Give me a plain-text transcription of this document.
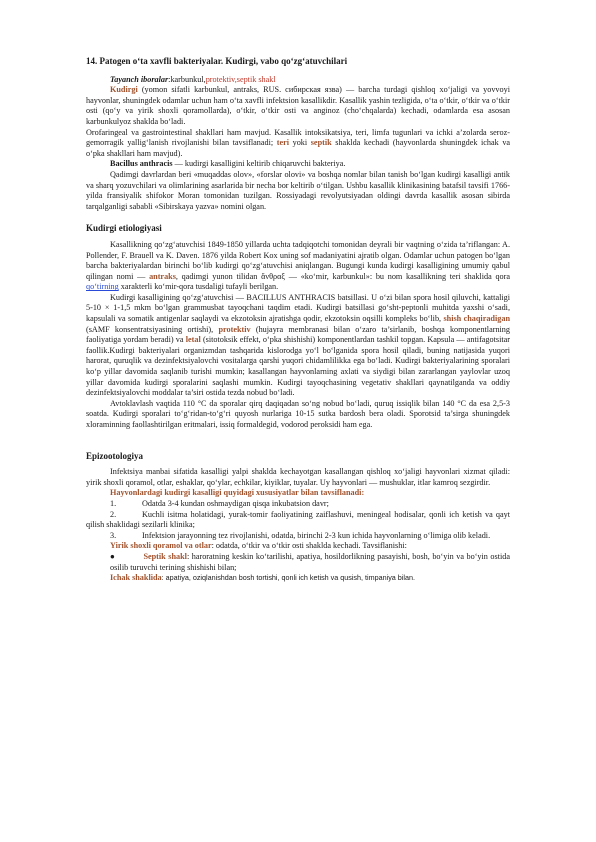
14. Patogen o‘ta xavfli bakteriyalar. Kudirgi, vabo qo‘zg‘atuvchilari

Tayanch iboralar:karbunkul,protektiv,septik shakl

Kudirgi (yomon sifatli karbunkul, antraks, RUS. сибирская язва) — barcha turdagi qishloq xo‘jaligi va yovvoyi hayvonlar, shuningdek odamlar uchun ham o‘ta xavfli infektsion kasallikdir. Kasallik yashin tezligida, o‘ta o‘tkir, o‘tkir va o‘tkir osti (qo‘y va yirik shoxli qoramollarda), o‘tkir, o‘tkir osti va anginoz (cho‘chqalarda) kechadi, odamlarda esa asosan karbunkulyoz shaklda bo‘ladi.

Orofaringeal va gastrointestinal shakllari ham mavjud. Kasallik intoksikatsiya, teri, limfa tugunlari va ichki a’zolarda seroz-gemorragik yallig‘lanish rivojlanishi bilan tavsiflanadi; teri yoki septik shaklda kechadi (hayvonlarda shuningdek ichak va o‘pka shakllari ham mavjud).

Bacillus anthracis — kudirgi kasalligini keltirib chiqaruvchi bakteriya.

Qadimgi davrlardan beri «muqaddas olov», «forslar olovi» va boshqa nomlar bilan tanish bo‘lgan kudirgi kasalligi antik va sharq yozuvchilari va olimlarining asarlarida bir necha bor keltirib o‘tilgan. Ushbu kasallik klinikasining batafsil tavsifi 1766-yilda fransiyalik shifokor Moran tomonidan tuzilgan. Rossiyadagi revolyutsiyadan oldingi davrda kasallik asosan sibirda tarqalganligi sababli «Sibirskaya yazva» nomini olgan.

Kudirgi etiologiyasi

Kasallikning qo‘zg‘atuvchisi 1849-1850 yillarda uchta tadqiqotchi tomonidan deyrali bir vaqtning o‘zida ta’riflangan: A. Pollender, F. Brauell va K. Daven. 1876 yilda Robert Kox uning sof madaniyatini ajratib olgan. Odamlar uchun patogen bo‘lgan barcha bakteriyalardan birinchi bo‘lib kudirgi qo‘zg‘atuvchisi aniqlangan. Bugungi kunda kudirgi kasalligining umumiy qabul qilingan nomi — antraks, qadimgi yunon tilidan ἄνθραξ — «ko‘mir, karbunkul»: bu nom kasallikning teri shaklida qora qo‘tirning xarakterli ko‘mir-qora tusdaligi tufayli berilgan.

Kudirgi kasalligining qo‘zg‘atuvchisi — BACILLUS ANTHRACIS batsillasi. U o‘zi bilan spora hosil qiluvchi, kattaligi 5-10 × 1-1,5 mkm bo‘lgan grammusbat tayoqchani taqdim etadi. Kudirgi batsillasi go‘sht-peptonli muhitda yaxshi o‘sadi, kapsulali va somatik antigenlar saqlaydi va ekzotoksin ajratishga qodir, ekzotoksin oqsilli kompleks bo‘lib, shish chaqiradigan (sAMF konsentratsiyasining ortishi), protektiv (hujayra membranasi bilan o‘zaro ta’sirlanib, boshqa komponentlarning faoliyatiga yordam beradi) va letal (sitotoksik effekt, o‘pka shishishi) komponentlardan tashkil topgan. Kapsula — antifagotsitar faollik.Kudirgi bakteriyalari organizmdan tashqarida kislorodga yo‘l bo‘lganida spora hosil qiladi, buning natijasida yuqori harorat, quruqlik va dezinfektsiyalovchi vositalarga qarshi yuqori chidamlilikka ega bo‘ladi. Kudirgi bakteriyalarining sporalari ko‘p yillar davomida saqlanib turishi mumkin; kasallangan hayvonlarning axlati va siydigi bilan zararlangan yaylovlar uzoq yillar davomida kudirgi sporalarini saqlashi mumkin. Kudirgi tayoqchasining vegetativ shakllari qaynatilganda va oddiy dezinfektsiyalovchi moddalar ta’siri ostida tezda nobud bo‘ladi.

Avtoklavlash vaqtida 110 °C da sporalar qirq daqiqadan so‘ng nobud bo‘ladi, quruq issiqlik bilan 140 °C da esa 2,5-3 soatda. Kudirgi sporalari to‘g‘ridan-to‘g‘ri quyosh nurlariga 10-15 sutka bardosh bera oladi. Sporotsid ta’sirga shuningdek xloraminning faollashtirilgan eritmalari, issiq formaldegid, vodorod peroksidi ham ega.

Epizootologiya

Infektsiya manbai sifatida kasalligi yalpi shaklda kechayotgan kasallangan qishloq xo‘jaligi hayvonlari xizmat qiladi: yirik shoxli qoramol, otlar, eshaklar, qo‘ylar, echkilar, kiyiklar, tuyalar. Uy hayvonlari — mushuklar, itlar kamroq sezgirdir.

Hayvonlardagi kudirgi kasalligi quyidagi xususiyatlar bilan tavsiflanadi:

1.	Odatda 3-4 kundan oshmaydigan qisqa inkubatsion davr;

2.	Kuchli isitma holatidagi, yurak-tomir faoliyatining zaiflashuvi, meningeal hodisalar, qonli ich ketish va qayt qilish shaklidagi sezilarli klinika;

3.	Infektsion jarayonning tez rivojlanishi, odatda, birinchi 2-3 kun ichida hayvonlarning o‘limiga olib keladi.

Yirik shoxli qoramol va otlar: odatda, o‘tkir va o‘tkir osti shaklda kechadi. Tavsiflanishi:

●	Septik shakl: haroratning keskin ko‘tarilishi, apatiya, hosildorlikning pasayishi, bosh, bo‘yin va bo‘yin ostida osilib turuvchi terining shishishi bilan;

Ichak shaklida: apatiya, oziqlanishdan bosh tortishi, qonli ich ketish va qusish, timpaniya bilan.
